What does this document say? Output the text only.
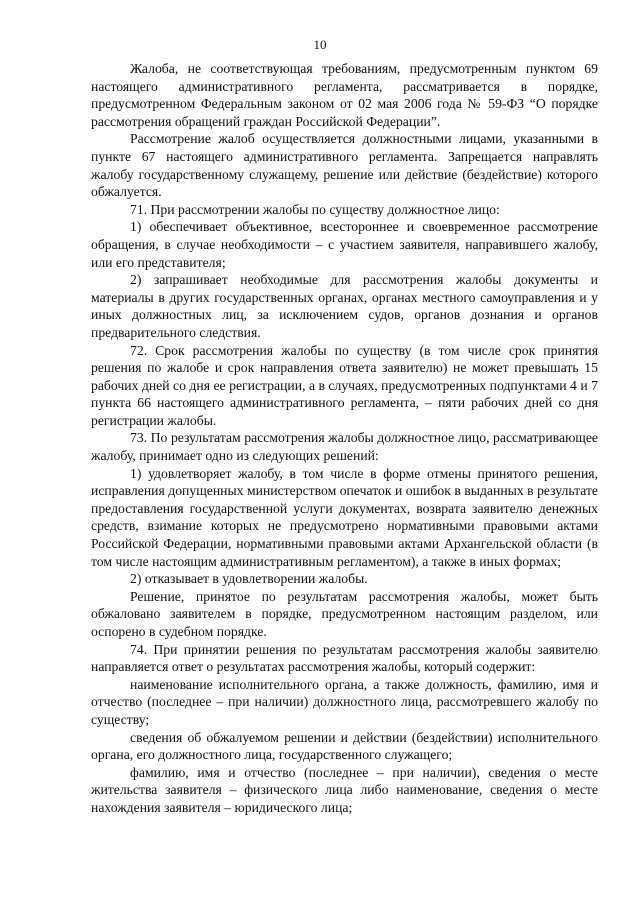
10

Жалоба, не соответствующая требованиям, предусмотренным пунктом 69 настоящего административного регламента, рассматривается в порядке, предусмотренном Федеральным законом от 02 мая 2006 года № 59-ФЗ “О порядке рассмотрения обращений граждан Российской Федерации”.

Рассмотрение жалоб осуществляется должностными лицами, указанными в пункте 67 настоящего административного регламента. Запрещается направлять жалобу государственному служащему, решение или действие (бездействие) которого обжалуется.

71. При рассмотрении жалобы по существу должностное лицо:

1) обеспечивает объективное, всестороннее и своевременное рассмотрение обращения, в случае необходимости – с участием заявителя, направившего жалобу, или его представителя;

2) запрашивает необходимые для рассмотрения жалобы документы и материалы в других государственных органах, органах местного самоуправления и у иных должностных лиц, за исключением судов, органов дознания и органов предварительного следствия.

72. Срок рассмотрения жалобы по существу (в том числе срок принятия решения по жалобе и срок направления ответа заявителю) не может превышать 15 рабочих дней со дня ее регистрации, а в случаях, предусмотренных подпунктами 4 и 7 пункта 66 настоящего административного регламента, – пяти рабочих дней со дня регистрации жалобы.

73. По результатам рассмотрения жалобы должностное лицо, рассматривающее жалобу, принимает одно из следующих решений:

1) удовлетворяет жалобу, в том числе в форме отмены принятого решения, исправления допущенных министерством опечаток и ошибок в выданных в результате предоставления государственной услуги документах, возврата заявителю денежных средств, взимание которых не предусмотрено нормативными правовыми актами Российской Федерации, нормативными правовыми актами Архангельской области (в том числе настоящим административным регламентом), а также в иных формах;

2) отказывает в удовлетворении жалобы.

Решение, принятое по результатам рассмотрения жалобы, может быть обжаловано заявителем в порядке, предусмотренном настоящим разделом, или оспорено в судебном порядке.

74. При принятии решения по результатам рассмотрения жалобы заявителю направляется ответ о результатах рассмотрения жалобы, который содержит:

наименование исполнительного органа, а также должность, фамилию, имя и отчество (последнее – при наличии) должностного лица, рассмотревшего жалобу по существу;

сведения об обжалуемом решении и действии (бездействии) исполнительного органа, его должностного лица, государственного служащего;

фамилию, имя и отчество (последнее – при наличии), сведения о месте жительства заявителя – физического лица либо наименование, сведения о месте нахождения заявителя – юридического лица;
